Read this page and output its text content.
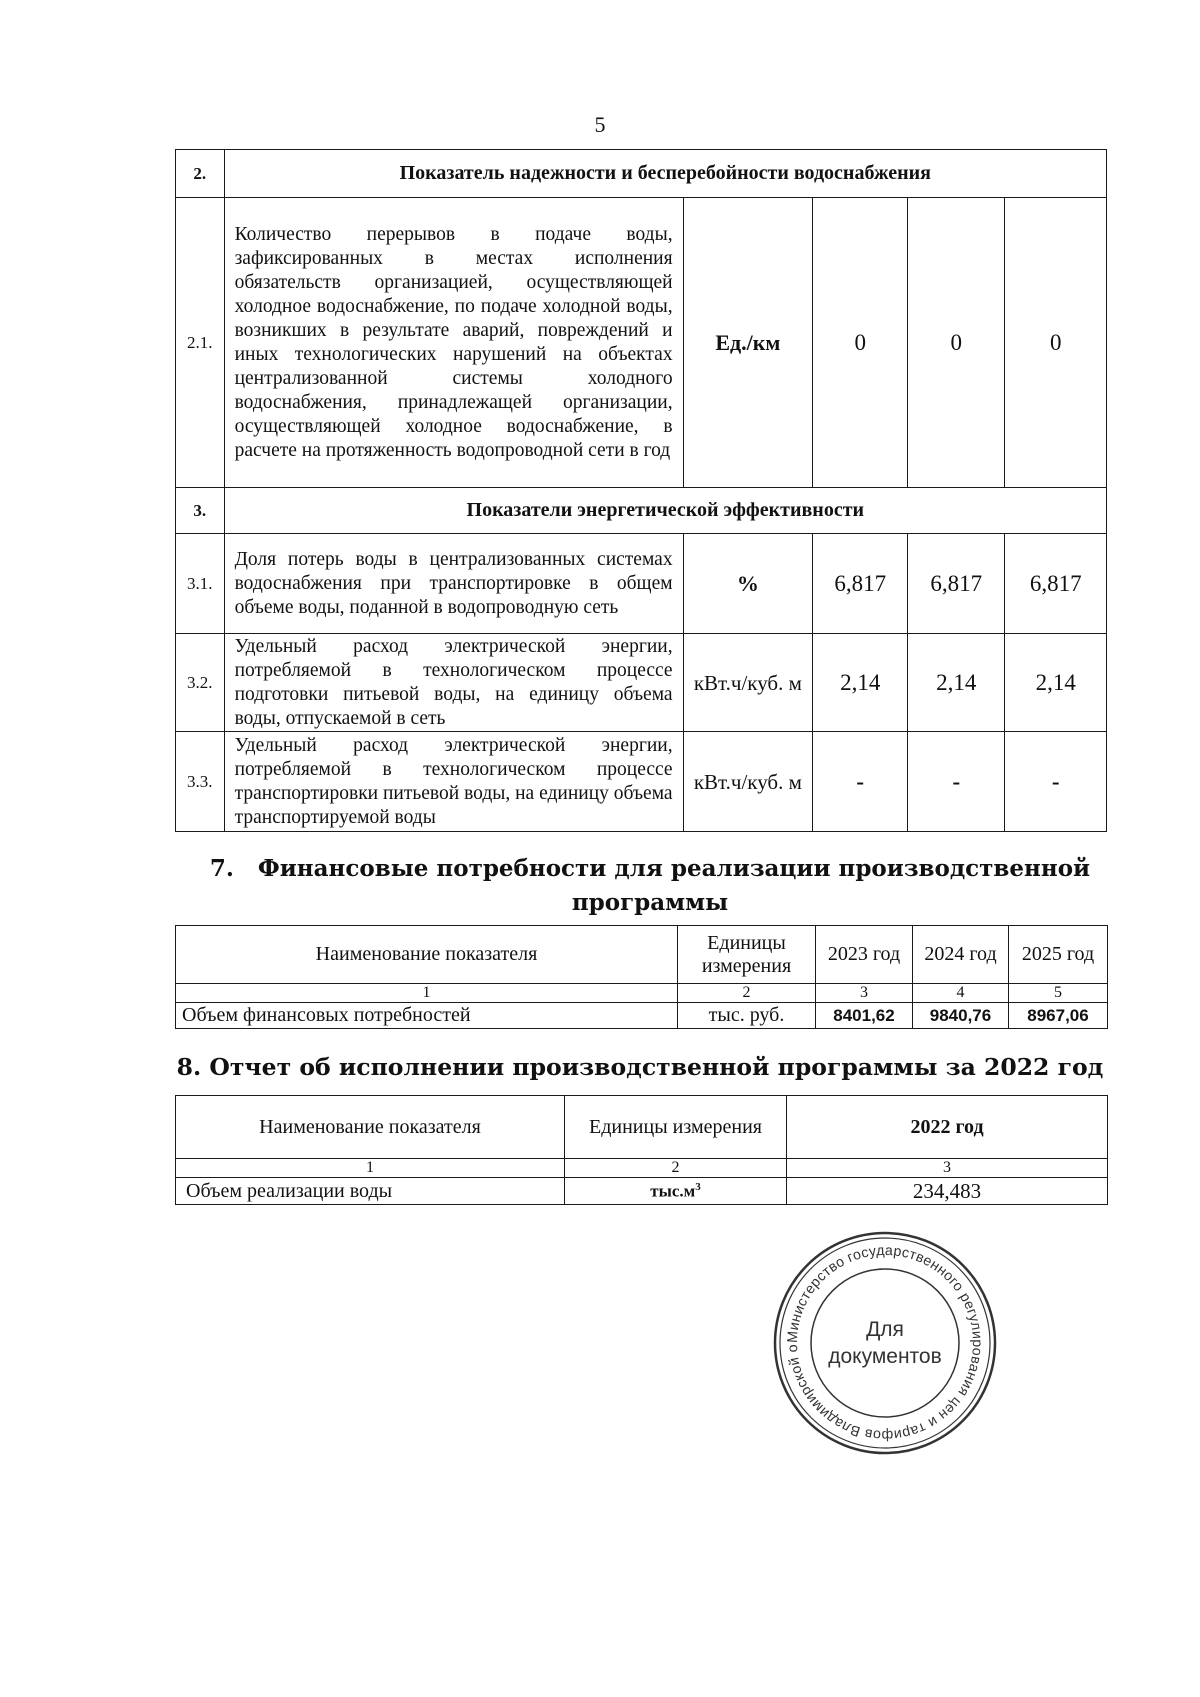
5
2.	Показатель надежности и бесперебойности водоснабжения				
2.1.	Количество перерывов в подаче воды, зафиксированных в местах исполнения обязательств организацией, осуществляющей холодное водоснабжение, по подаче холодной воды, возникших в результате аварий, повреждений и иных технологических нарушений на объектах централизованной системы холодного водоснабжения, принадлежащей организации, осуществляющей холодное водоснабжение, в расчете на протяженность водопроводной сети в год	Ед./км	0	0	0
3.	Показатели энергетической эффективности				
3.1.	Доля потерь воды в централизованных системах водоснабжения при транспортировке в общем объеме воды, поданной в водопроводную сеть	%	6,817	6,817	6,817
3.2.	Удельный расход электрической энергии, потребляемой в технологическом процессе подготовки питьевой воды, на единицу объема воды, отпускаемой в сеть	кВт.ч/куб. м	2,14	2,14	2,14
3.3.	Удельный расход электрической энергии, потребляемой в технологическом процессе транспортировки питьевой воды, на единицу объема транспортируемой воды	кВт.ч/куб. м	-	-	-
7.   Финансовые потребности для реализации производственной
программы
Наименование показателя	Единицы измерения	2023 год	2024 год	2025 год
1	2	3	4	5
Объем финансовых потребностей	тыс. руб.	8401,62	9840,76	8967,06
8. Отчет об исполнении производственной программы за 2022 год
Наименование показателя	Единицы измерения	2022 год
1	2	3
Объем реализации воды	$тыс.м^3$	234,483
Министерство государственного регулирования цен и тарифов Владимирской о
Для
документов
